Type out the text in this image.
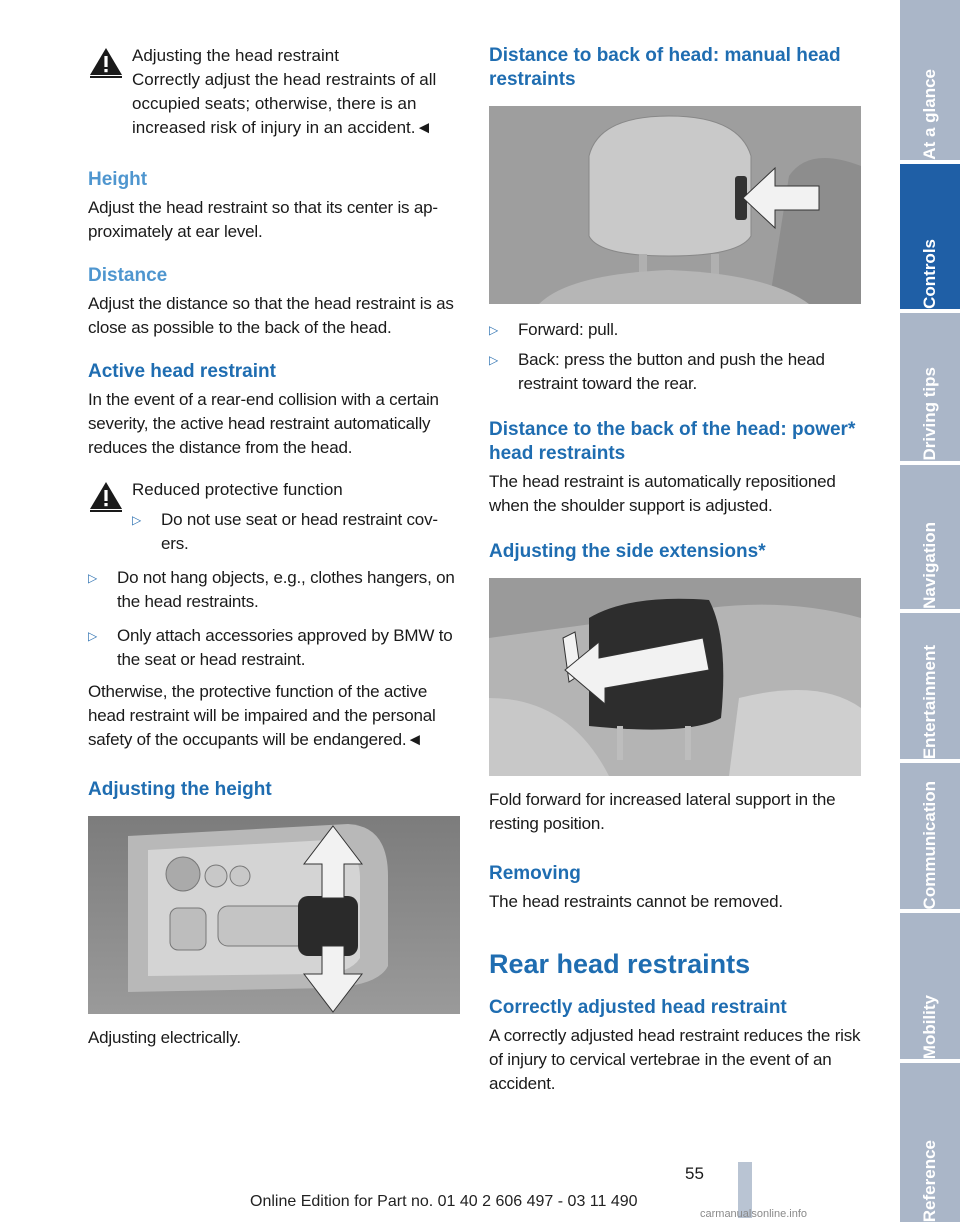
Adjusting the head restraint
Correctly adjust the head restraints of all occupied seats; otherwise, there is an increased risk of injury in an accident.◄
Height

Adjust the head restraint so that its center is ap-proximately at ear level.

Distance

Adjust the distance so that the head restraint is as close as possible to the back of the head.

Active head restraint

In the event of a rear-end collision with a certain severity, the active head restraint automatically reduces the distance from the head.

Reduced protective function
▷ Do not use seat or head restraint cov-ers.
▷ Do not hang objects, e.g., clothes hangers, on the head restraints.
▷ Only attach accessories approved by BMW to the seat or head restraint.

Otherwise, the protective function of the active head restraint will be impaired and the personal safety of the occupants will be endangered.◄

Adjusting the height

Adjusting electrically.

Distance to back of head: manual head restraints
▷ Forward: pull.
▷ Back: press the button and push the head restraint toward the rear.
Distance to the back of the head: power* head restraints

The head restraint is automatically repositioned when the shoulder support is adjusted.

Adjusting the side extensions*

Fold forward for increased lateral support in the resting position.

Removing

The head restraints cannot be removed.

Rear head restraints
Correctly adjusted head restraint

A correctly adjusted head restraint reduces the risk of injury to cervical vertebrae in the event of an accident.

At a glance
Controls
Driving tips
Navigation
Entertainment
Communication
Mobility
Reference
55
Online Edition for Part no. 01 40 2 606 497 - 03 11 490
carmanualsonline.info
